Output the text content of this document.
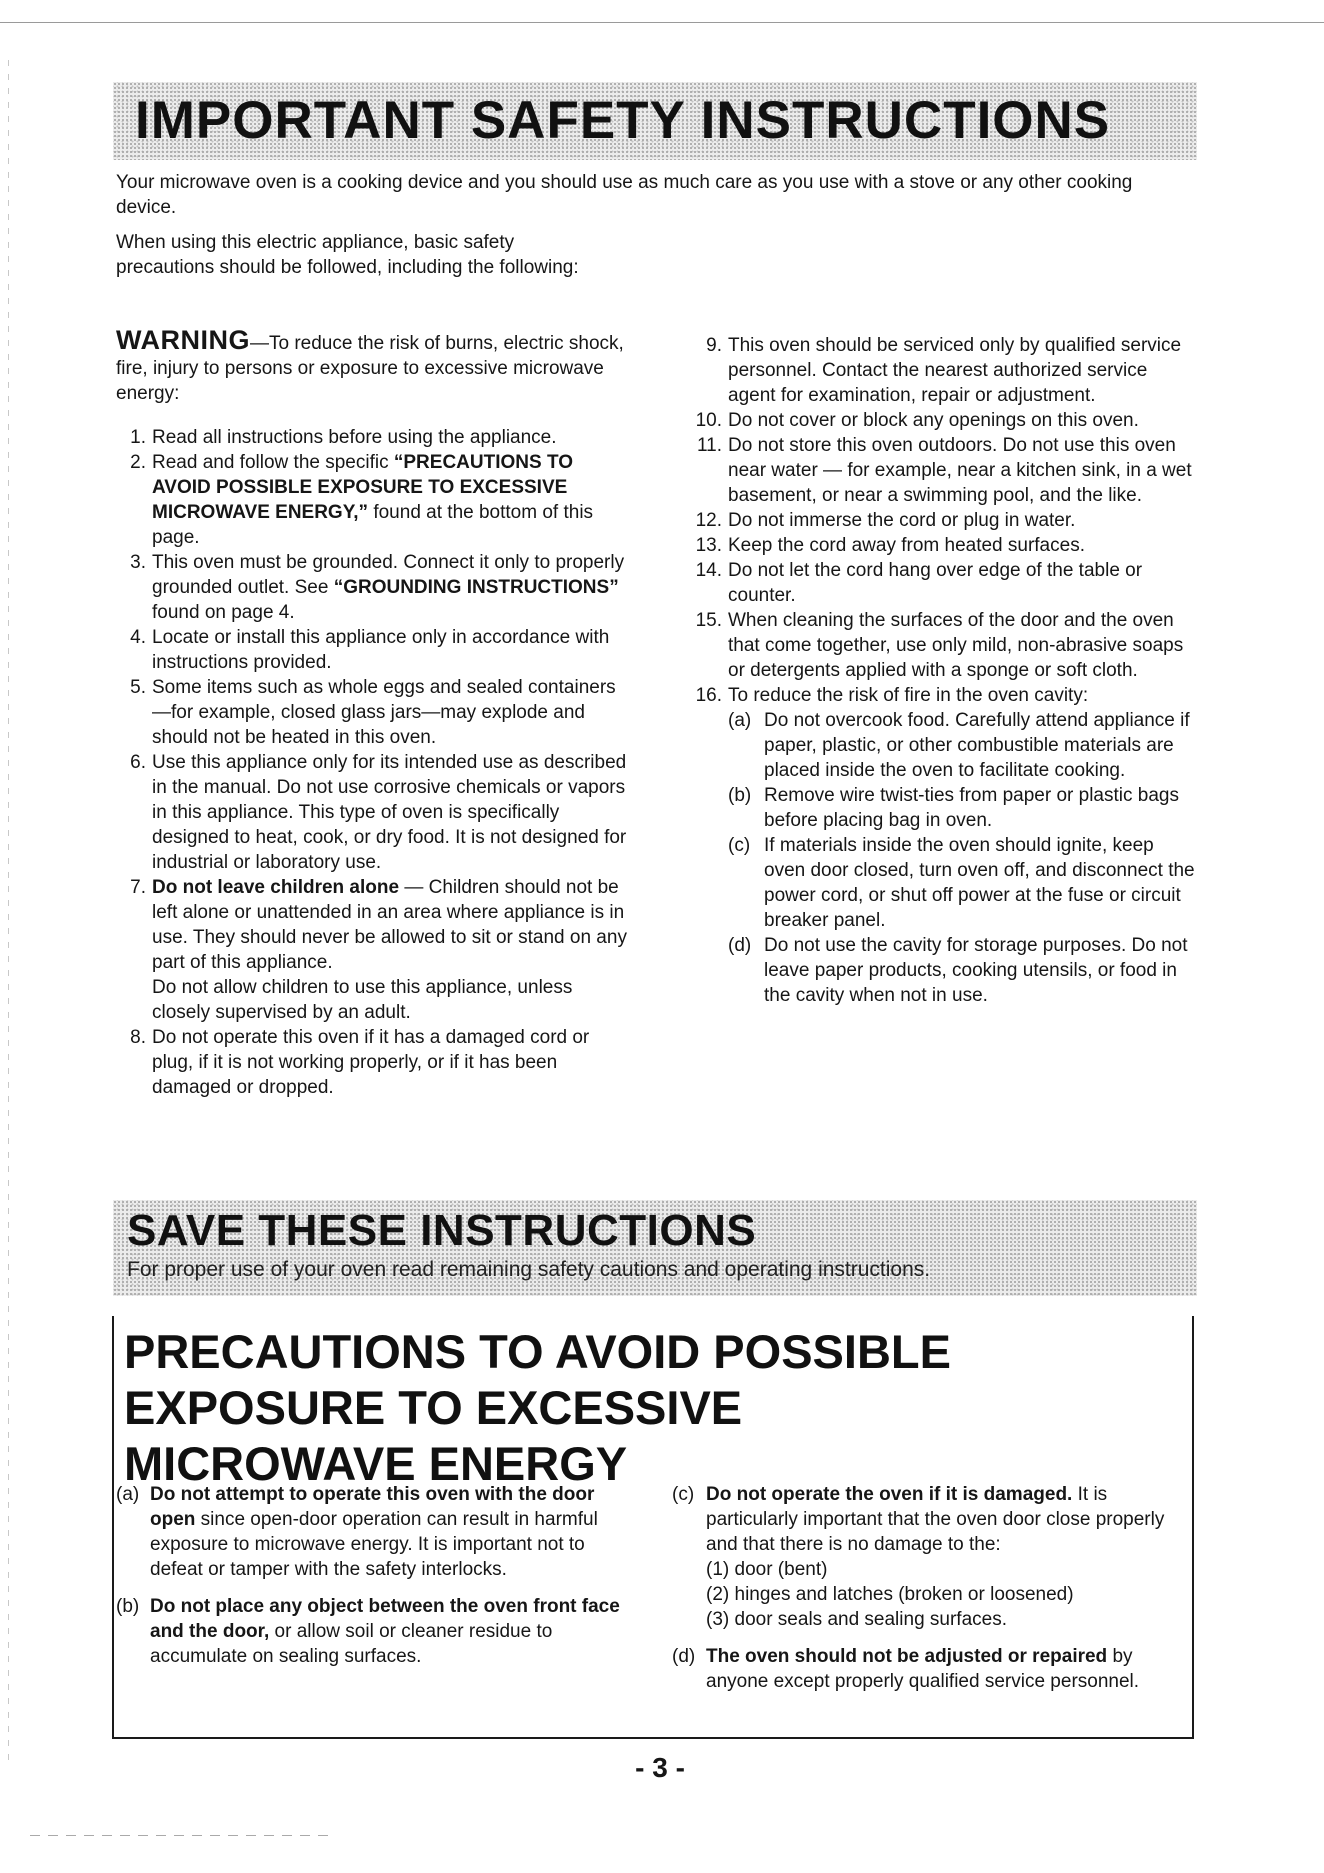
IMPORTANT SAFETY INSTRUCTIONS
Your microwave oven is a cooking device and you should use as much care as you use with a stove or any other cooking device.
When using this electric appliance, basic safety precautions should be followed, including the following:
WARNING—To reduce the risk of burns, electric shock, fire, injury to persons or exposure to excessive microwave energy:
1. Read all instructions before using the appliance.
2. Read and follow the specific “PRECAUTIONS TO AVOID POSSIBLE EXPOSURE TO EXCESSIVE MICROWAVE ENERGY,” found at the bottom of this page.
3. This oven must be grounded. Connect it only to properly grounded outlet. See “GROUNDING INSTRUCTIONS” found on page 4.
4. Locate or install this appliance only in accordance with instructions provided.
5. Some items such as whole eggs and sealed containers—for example, closed glass jars—may explode and should not be heated in this oven.
6. Use this appliance only for its intended use as described in the manual. Do not use corrosive chemicals or vapors in this appliance. This type of oven is specifically designed to heat, cook, or dry food. It is not designed for industrial or laboratory use.
7. Do not leave children alone — Children should not be left alone or unattended in an area where appliance is in use. They should never be allowed to sit or stand on any part of this appliance.
Do not allow children to use this appliance, unless closely supervised by an adult.
8. Do not operate this oven if it has a damaged cord or plug, if it is not working properly, or if it has been damaged or dropped.
9. This oven should be serviced only by qualified service personnel. Contact the nearest authorized service agent for examination, repair or adjustment.
10. Do not cover or block any openings on this oven.
11. Do not store this oven outdoors. Do not use this oven near water — for example, near a kitchen sink, in a wet basement, or near a swimming pool, and the like.
12. Do not immerse the cord or plug in water.
13. Keep the cord away from heated surfaces.
14. Do not let the cord hang over edge of the table or counter.
15. When cleaning the surfaces of the door and the oven that come together, use only mild, non-abrasive soaps or detergents applied with a sponge or soft cloth.
16. To reduce the risk of fire in the oven cavity:
(a) Do not overcook food. Carefully attend appliance if paper, plastic, or other combustible materials are placed inside the oven to facilitate cooking.
(b) Remove wire twist-ties from paper or plastic bags before placing bag in oven.
(c) If materials inside the oven should ignite, keep oven door closed, turn oven off, and disconnect the power cord, or shut off power at the fuse or circuit breaker panel.
(d) Do not use the cavity for storage purposes. Do not leave paper products, cooking utensils, or food in the cavity when not in use.
SAVE THESE INSTRUCTIONS
For proper use of your oven read remaining safety cautions and operating instructions.
PRECAUTIONS TO AVOID POSSIBLE
EXPOSURE TO EXCESSIVE
MICROWAVE ENERGY
(a) Do not attempt to operate this oven with the door open since open-door operation can result in harmful exposure to microwave energy. It is important not to defeat or tamper with the safety interlocks.
(b) Do not place any object between the oven front face and the door, or allow soil or cleaner residue to accumulate on sealing surfaces.
(c) Do not operate the oven if it is damaged. It is particularly important that the oven door close properly and that there is no damage to the:
(1) door (bent)
(2) hinges and latches (broken or loosened)
(3) door seals and sealing surfaces.
(d) The oven should not be adjusted or repaired by anyone except properly qualified service personnel.
- 3 -
